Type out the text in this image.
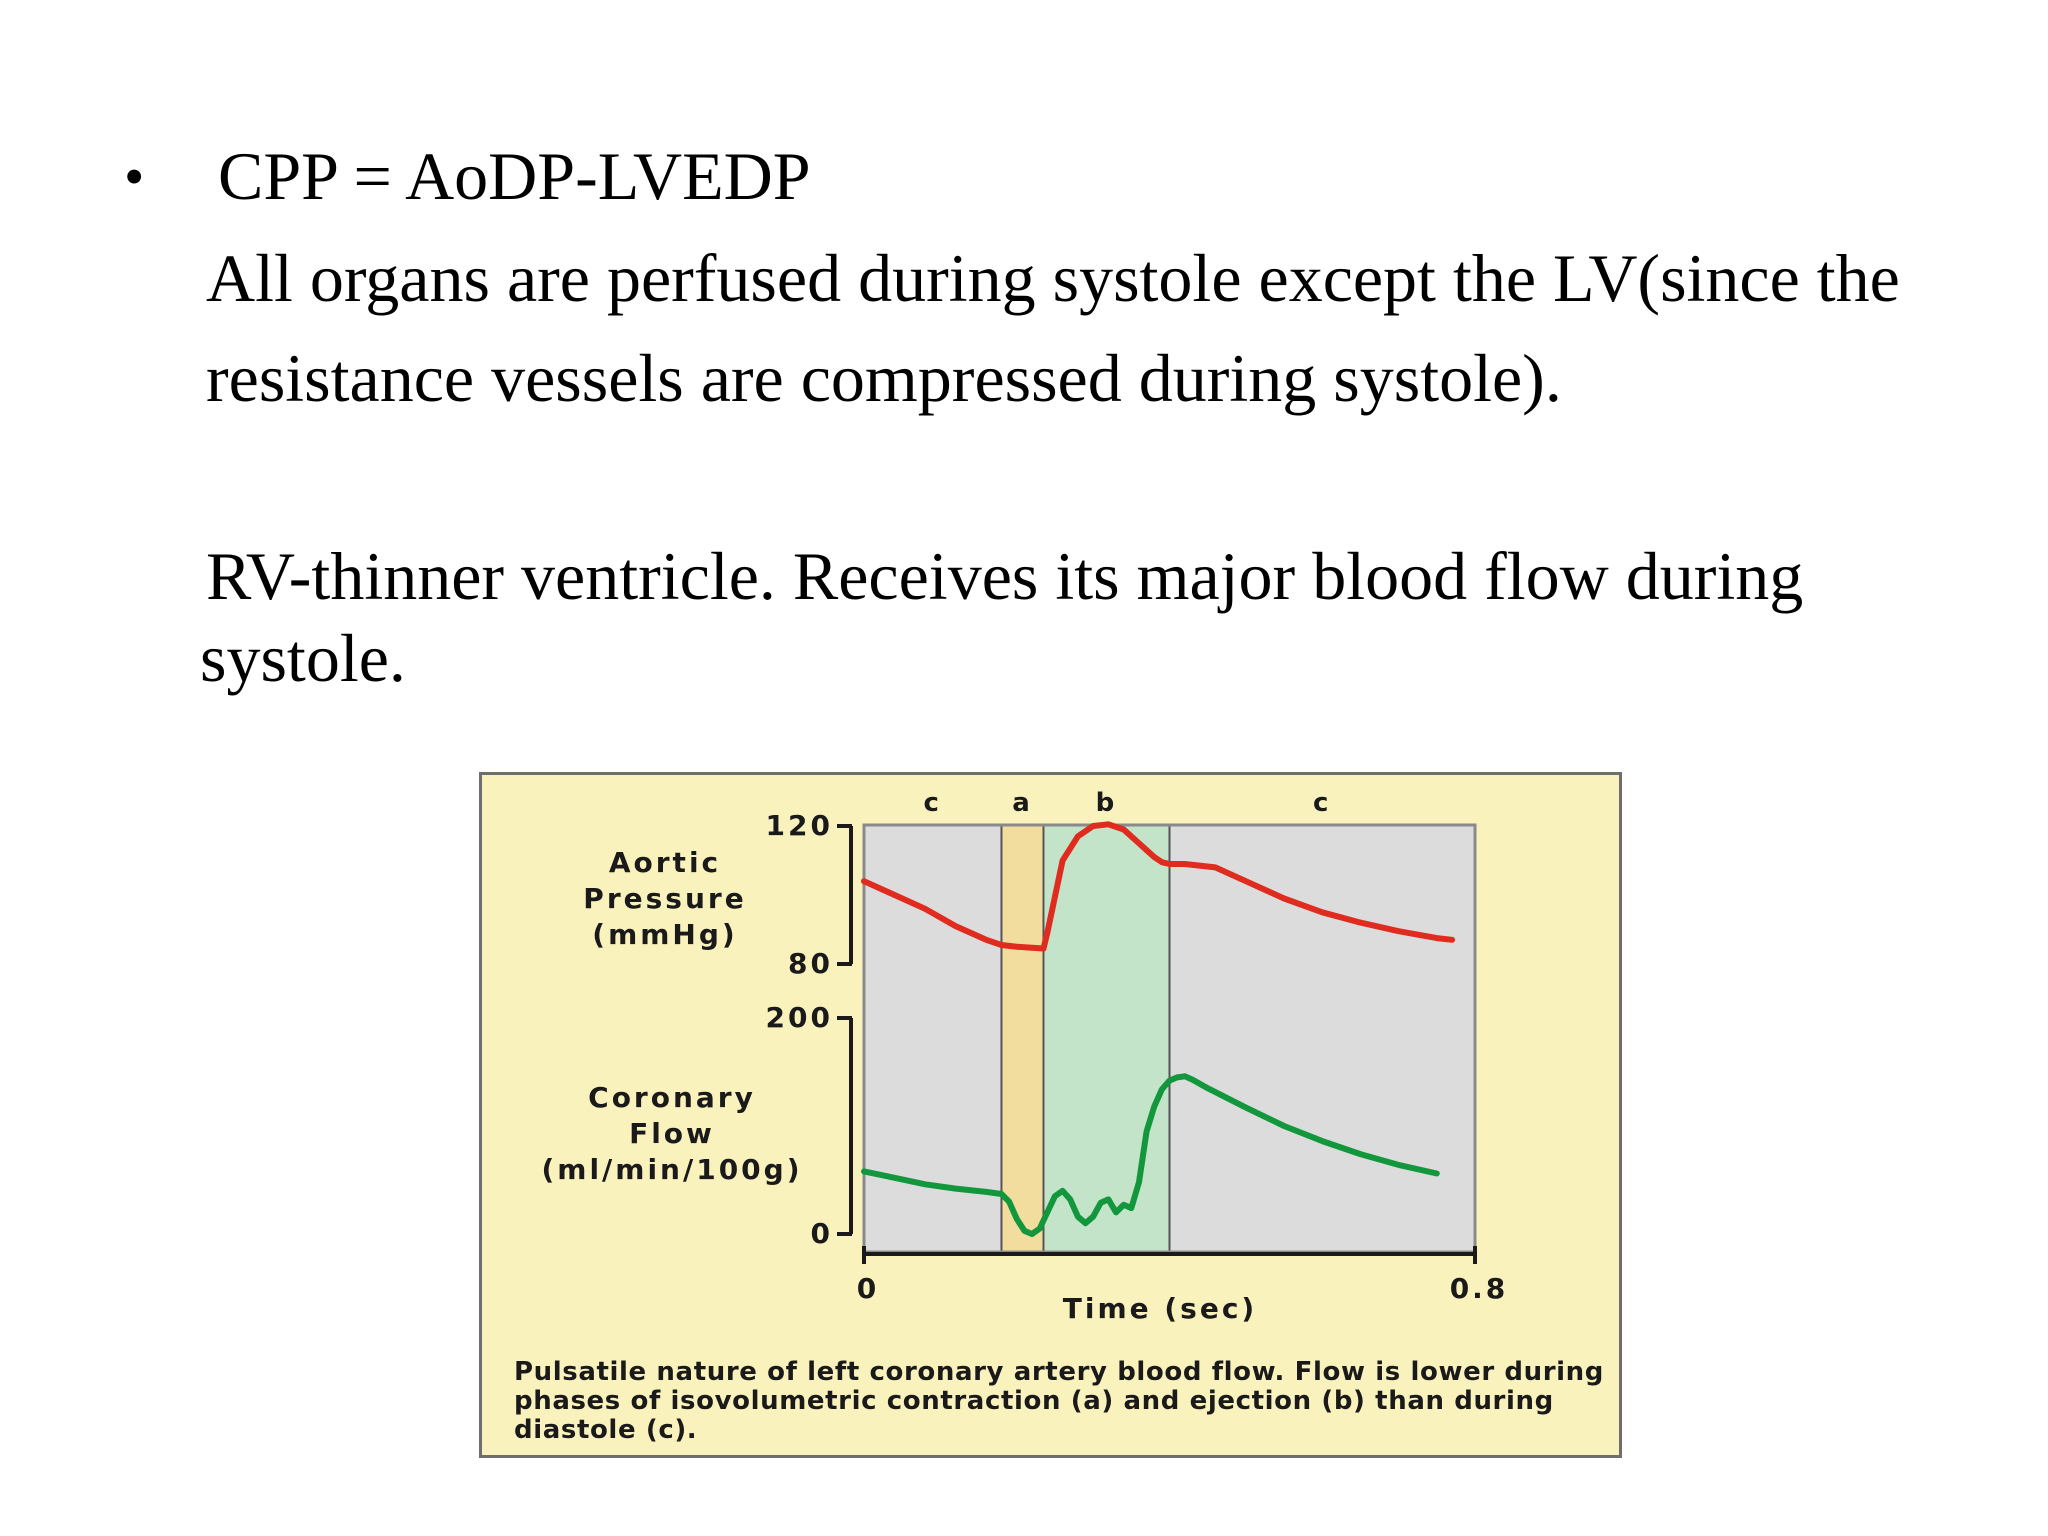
• CPP = AoDP-LVEDP
All organs are perfused during systole except the LV(since the
resistance vessels are compressed during systole).
RV-thinner ventricle. Receives its major blood flow during
systole.
c	a b	c
120
80
Aortic
Pressure
(mmHg)
200
0
Coronary
Flow
(ml/min/100g)
0	0.8
Time (sec)
Pulsatile nature of left coronary artery blood flow. Flow is lower during phases of isovolumetric contraction (a) and ejection (b) than during diastole (c).
